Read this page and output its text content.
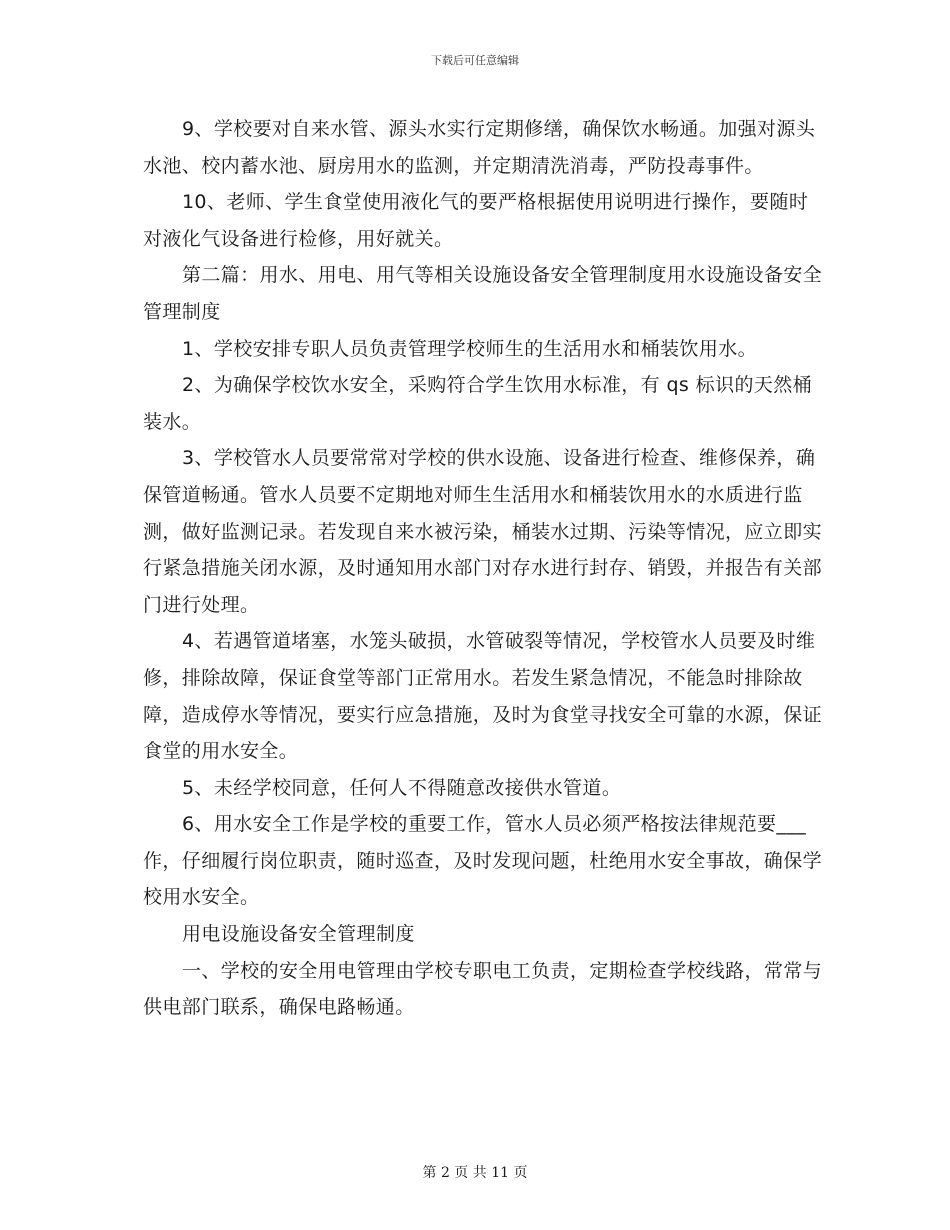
下载后可任意编辑

9、学校要对自来水管、源头水实行定期修缮，确保饮水畅通。加强对源头水池、校内蓄水池、厨房用水的监测，并定期清洗消毒，严防投毒事件。

10、老师、学生食堂使用液化气的要严格根据使用说明进行操作，要随时对液化气设备进行检修，用好就关。

第二篇：用水、用电、用气等相关设施设备安全管理制度用水设施设备安全管理制度

1、学校安排专职人员负责管理学校师生的生活用水和桶装饮用水。

2、为确保学校饮水安全，采购符合学生饮用水标准，有 qs 标识的天然桶装水。

3、学校管水人员要常常对学校的供水设施、设备进行检查、维修保养，确保管道畅通。管水人员要不定期地对师生生活用水和桶装饮用水的水质进行监测，做好监测记录。若发现自来水被污染，桶装水过期、污染等情况，应立即实行紧急措施关闭水源，及时通知用水部门对存水进行封存、销毁，并报告有关部门进行处理。

4、若遇管道堵塞，水笼头破损，水管破裂等情况，学校管水人员要及时维修，排除故障，保证食堂等部门正常用水。若发生紧急情况，不能急时排除故障，造成停水等情况，要实行应急措施，及时为食堂寻找安全可靠的水源，保证食堂的用水安全。

5、未经学校同意，任何人不得随意改接供水管道。

6、用水安全工作是学校的重要工作，管水人员必须严格按法律规范要___作，仔细履行岗位职责，随时巡查，及时发现问题，杜绝用水安全事故，确保学校用水安全。

用电设施设备安全管理制度

一、学校的安全用电管理由学校专职电工负责，定期检查学校线路，常常与供电部门联系，确保电路畅通。

第 2 页 共 11 页
